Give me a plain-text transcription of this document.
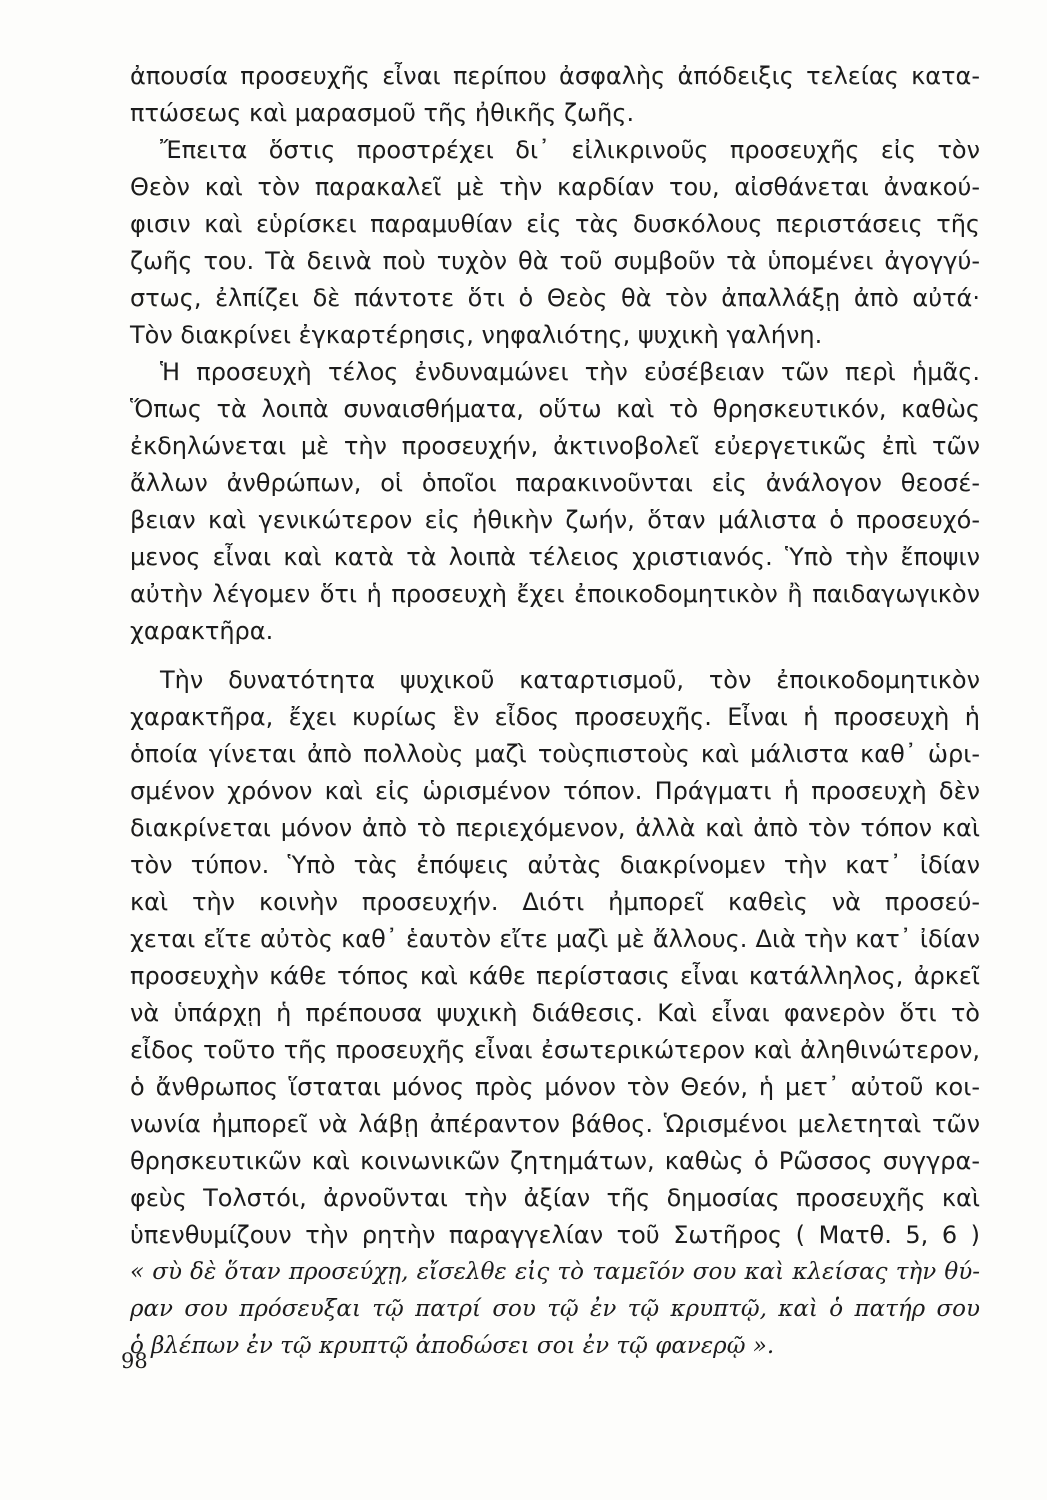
ἀπουσία προσευχῆς εἶναι περίπου ἀσφαλὴς ἀπόδειξις τελείας κατα-
πτώσεως καὶ μαρασμοῦ τῆς ἠθικῆς ζωῆς.
Ἔπειτα ὅστις προστρέχει δι᾿ εἰλικρινοῦς προσευχῆς εἰς τὸν
Θεὸν καὶ τὸν παρακαλεῖ μὲ τὴν καρδίαν του, αἰσθάνεται ἀνακού-
φισιν καὶ εὑρίσκει παραμυθίαν εἰς τὰς δυσκόλους περιστάσεις τῆς
ζωῆς του. Τὰ δεινὰ ποὺ τυχὸν θὰ τοῦ συμβοῦν τὰ ὑπομένει ἀγογγύ-
στως, ἐλπίζει δὲ πάντοτε ὅτι ὁ Θεὸς θὰ τὸν ἀπαλλάξῃ ἀπὸ αὐτά·
Τὸν διακρίνει ἐγκαρτέρησις, νηφαλιότης, ψυχικὴ γαλήνη.
Ἡ προσευχὴ τέλος ἐνδυναμώνει τὴν εὐσέβειαν τῶν περὶ ἡμᾶς.
Ὅπως τὰ λοιπὰ συναισθήματα, οὕτω καὶ τὸ θρησκευτικόν, καθὼς
ἐκδηλώνεται μὲ τὴν προσευχήν, ἀκτινοβολεῖ εὐεργετικῶς ἐπὶ τῶν
ἄλλων ἀνθρώπων, οἱ ὁποῖοι παρακινοῦνται εἰς ἀνάλογον θεοσέ-
βειαν καὶ γενικώτερον εἰς ἠθικὴν ζωήν, ὅταν μάλιστα ὁ προσευχό-
μενος εἶναι καὶ κατὰ τὰ λοιπὰ τέλειος χριστιανός. Ὑπὸ τὴν ἔποψιν
αὐτὴν λέγομεν ὅτι ἡ προσευχὴ ἔχει ἐποικοδομητικὸν ἢ παιδαγωγικὸν
χαρακτῆρα.
Τὴν δυνατότητα ψυχικοῦ καταρτισμοῦ, τὸν ἐποικοδομητικὸν
χαρακτῆρα, ἔχει κυρίως ἓν εἶδος προσευχῆς. Εἶναι ἡ προσευχὴ ἡ
ὁποία γίνεται ἀπὸ πολλοὺς μαζὶ τοὺςπιστοὺς καὶ μάλιστα καθ᾿ ὡρι-
σμένον χρόνον καὶ εἰς ὡρισμένον τόπον. Πράγματι ἡ προσευχὴ δὲν
διακρίνεται μόνον ἀπὸ τὸ περιεχόμενον, ἀλλὰ καὶ ἀπὸ τὸν τόπον καὶ
τὸν τύπον. Ὑπὸ τὰς ἐπόψεις αὐτὰς διακρίνομεν τὴν κατ᾿ ἰδίαν
καὶ τὴν κοινὴν προσευχήν. Διότι ἠμπορεῖ καθεὶς νὰ προσεύ-
χεται εἴτε αὐτὸς καθ᾿ ἑαυτὸν εἴτε μαζὶ μὲ ἄλλους. Διὰ τὴν κατ᾿ ἰδίαν
προσευχὴν κάθε τόπος καὶ κάθε περίστασις εἶναι κατάλληλος, ἀρκεῖ
νὰ ὑπάρχῃ ἡ πρέπουσα ψυχικὴ διάθεσις. Καὶ εἶναι φανερὸν ὅτι τὸ
εἶδος τοῦτο τῆς προσευχῆς εἶναι ἐσωτερικώτερον καὶ ἀληθινώτερον,
ὁ ἄνθρωπος ἵσταται μόνος πρὸς μόνον τὸν Θεόν, ἡ μετ᾿ αὐτοῦ κοι-
νωνία ἠμπορεῖ νὰ λάβῃ ἀπέραντον βάθος. Ὡρισμένοι μελετηταὶ τῶν
θρησκευτικῶν καὶ κοινωνικῶν ζητημάτων, καθὼς ὁ Ρῶσσος συγγρα-
φεὺς Τολστόι, ἀρνοῦνται τὴν ἀξίαν τῆς δημοσίας προσευχῆς καὶ
ὑπενθυμίζουν τὴν ρητὴν παραγγελίαν τοῦ Σωτῆρος ( Ματθ. 5, 6 )
« σὺ δὲ ὅταν προσεύχῃ, εἴσελθε εἰς τὸ ταμεῖόν σου καὶ κλείσας τὴν θύ-
ραν σου πρόσευξαι τῷ πατρί σου τῷ ἐν τῷ κρυπτῷ, καὶ ὁ πατήρ σου
ὁ βλέπων ἐν τῷ κρυπτῷ ἀποδώσει σοι ἐν τῷ φανερῷ ».
98
